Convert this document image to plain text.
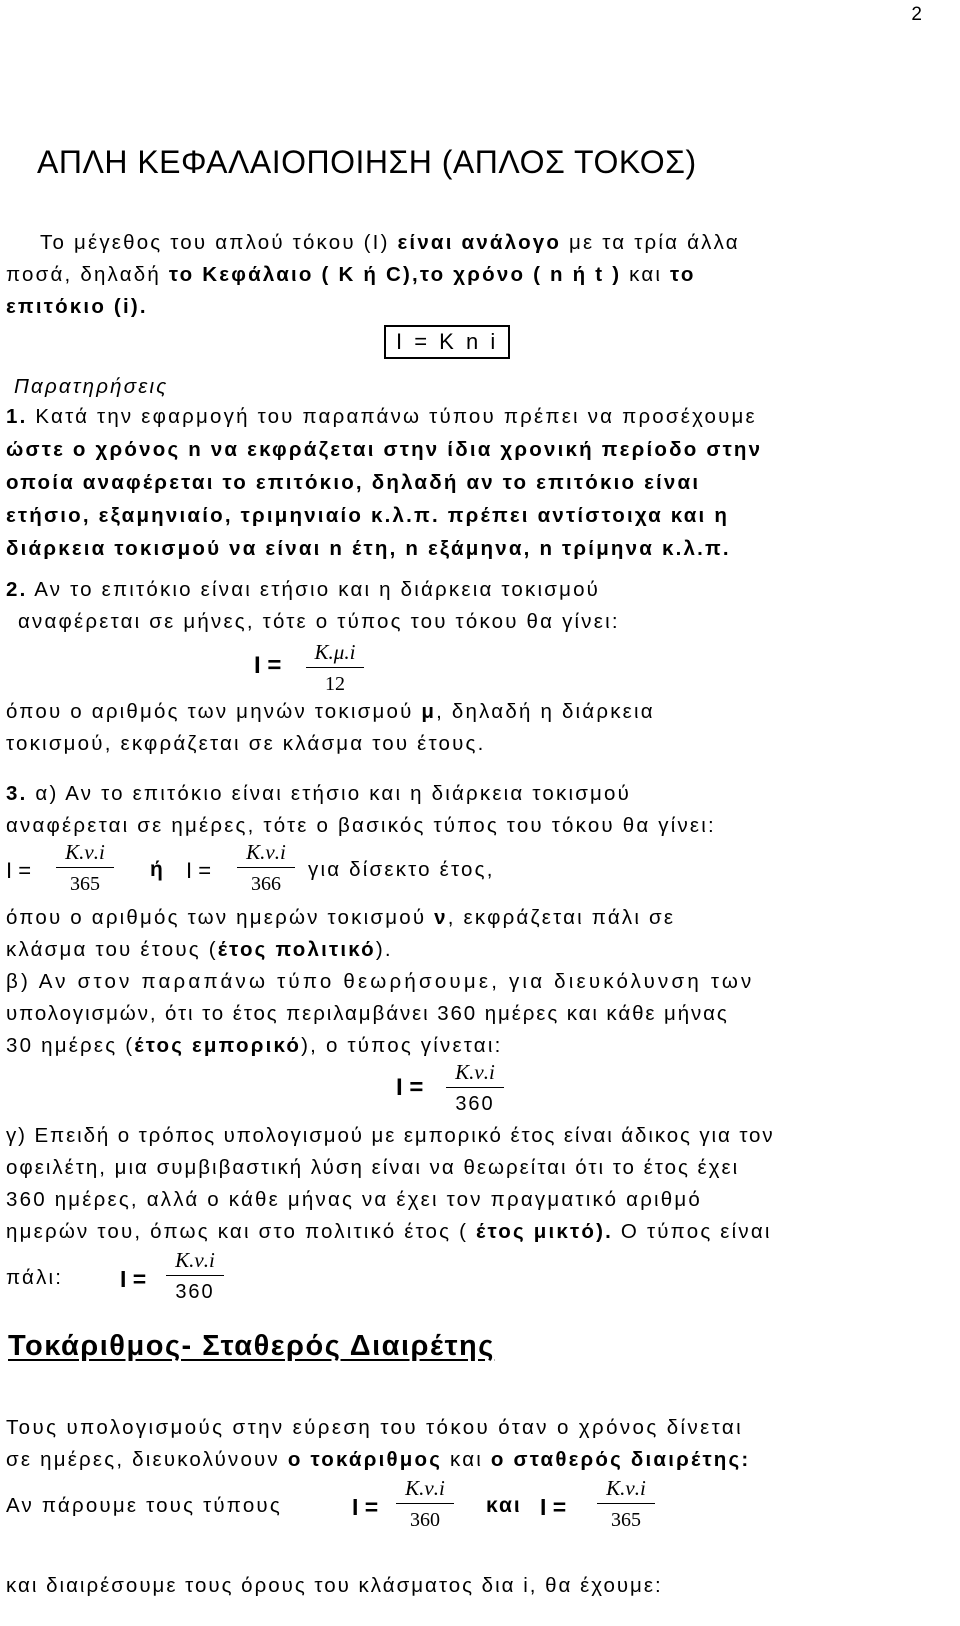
2
ΑΠΛΗ ΚΕΦΑΛΑΙΟΠΟΙΗΣΗ (ΑΠΛΟΣ ΤΟΚΟΣ)
Το μέγεθος του απλού τόκου (Ι) είναι ανάλογο με τα τρία άλλα
ποσά, δηλαδή το Κεφάλαιο ( Κ ή C),το χρόνο ( n ή t ) και το
επιτόκιο (i).
I = K n i
Παρατηρήσεις
1. Κατά την εφαρμογή του παραπάνω τύπου πρέπει να προσέχουμε
ώστε ο χρόνος n να εκφράζεται στην ίδια χρονική περίοδο στην
οποία αναφέρεται το επιτόκιο, δηλαδή αν το επιτόκιο είναι
ετήσιο, εξαμηνιαίο, τριμηνιαίο κ.λ.π. πρέπει αντίστοιχα και η
διάρκεια τοκισμού να είναι n έτη, n εξάμηνα, n τρίμηνα κ.λ.π.
2. Αν το επιτόκιο είναι ετήσιο και η διάρκεια τοκισμού
αναφέρεται σε μήνες, τότε ο τύπος του τόκου θα γίνει:
I =	Κ.μ.i
12
όπου ο αριθμός των μηνών τοκισμού μ, δηλαδή η διάρκεια
τοκισμού, εκφράζεται σε κλάσμα του έτους.
3. α) Αν το επιτόκιο είναι ετήσιο και η διάρκεια τοκισμού
αναφέρεται σε ημέρες, τότε ο βασικός τύπος του τόκου θα γίνει:
Ι =
Κ.ν.i
365
ή Ι =
Κ.ν.i
366
για δίσεκτο έτος,
όπου ο αριθμός των ημερών τοκισμού ν, εκφράζεται πάλι σε
κλάσμα του έτους (έτος πολιτικό).
β) Αν στον παραπάνω τύπο θεωρήσουμε, για διευκόλυνση των
υπολογισμών, ότι το έτος περιλαμβάνει 360 ημέρες και κάθε μήνας
30 ημέρες (έτος εμπορικό), ο τύπος γίνεται:
I =
Κ.ν.i
360
γ) Επειδή ο τρόπος υπολογισμού με εμπορικό έτος είναι άδικος για τον
οφειλέτη, μια συμβιβαστική λύση είναι να θεωρείται ότι το έτος έχει
360 ημέρες, αλλά ο κάθε μήνας να έχει τον πραγματικό αριθμό
ημερών του, όπως και στο πολιτικό έτος ( έτος μικτό). Ο τύπος είναι
πάλι: I =
Κ.ν.i
360
Τοκάριθμος- Σταθερός Διαιρέτης
Τους υπολογισμούς στην εύρεση του τόκου όταν ο χρόνος δίνεται
σε ημέρες, διευκολύνουν ο τοκάριθμος και ο σταθερός διαιρέτης:
Αν πάρουμε τους τύπους	I =
Κ.ν.i
360
και I =
Κ.ν.i
365
και διαιρέσουμε τους όρους του κλάσματος δια i, θα έχουμε:
